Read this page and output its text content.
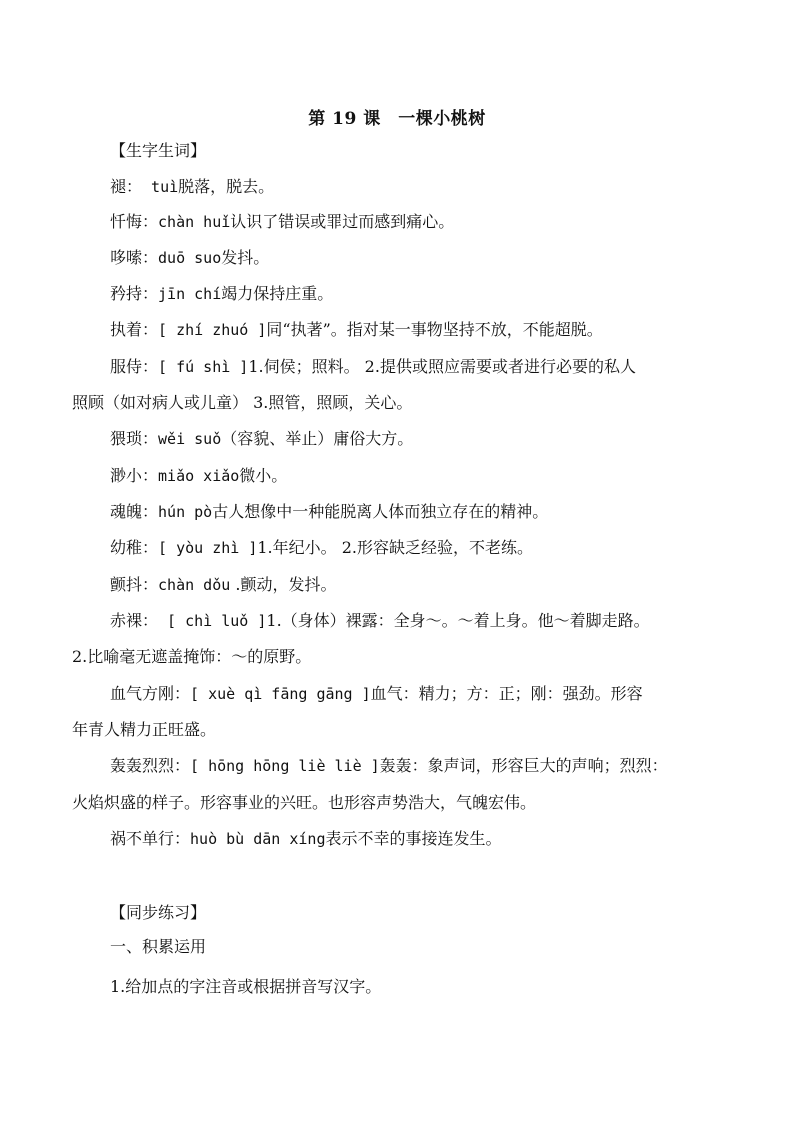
第 19 课　一棵小桃树
【生字生词】
褪： tuì脱落，脱去。
忏悔：chàn huǐ认识了错误或罪过而感到痛心。
哆嗦：duō suo发抖。
矜持：jīn chí竭力保持庄重。
执着：[ zhí zhuó ]同“执著”。指对某一事物坚持不放，不能超脱。
服侍：[ fú shì ]1.伺侯；照料。 2.提供或照应需要或者进行必要的私人
照顾（如对病人或儿童） 3.照管，照顾，关心。
猥琐：wěi suǒ（容貌、举止）庸俗大方。
渺小：miǎo xiǎo微小。
魂魄：hún pò古人想像中一种能脱离人体而独立存在的精神。
幼稚：[ yòu zhì ]1.年纪小。 2.形容缺乏经验，不老练。
颤抖：chàn dǒu .颤动，发抖。
赤裸： [ chì luǒ ]1.（身体）裸露：全身～。～着上身。他～着脚走路。
2.比喻毫无遮盖掩饰：～的原野。
血气方刚：[ xuè qì fāng gāng ]血气：精力；方：正；刚：强劲。形容
年青人精力正旺盛。
轰轰烈烈：[ hōng hōng liè liè ]轰轰：象声词，形容巨大的声响；烈烈：
火焰炽盛的样子。形容事业的兴旺。也形容声势浩大，气魄宏伟。
祸不单行：huò bù dān xíng表示不幸的事接连发生。
【同步练习】
一、积累运用
1.给加点的字注音或根据拼音写汉字。
